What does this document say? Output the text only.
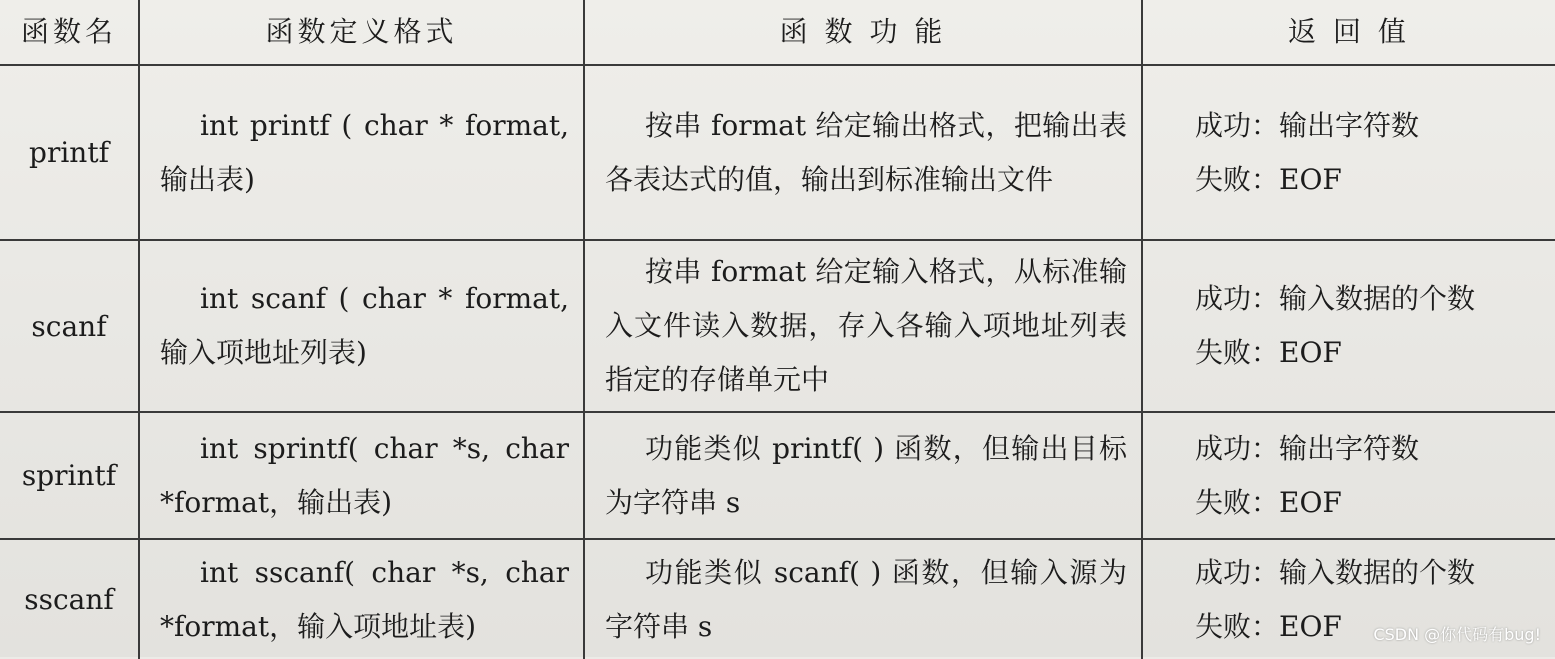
函数名	函数定义格式	函 数 功 能	返 回 值
printf	int printf ( char * format, 输出表)	按串 format 给定输出格式，把输出表各表达式的值，输出到标准输出文件	成功：输出字符数
失败：EOF

scanf	int scanf ( char * format, 输入项地址列表)	按串 format 给定输入格式，从标准输入文件读入数据，存入各输入项地址列表指定的存储单元中	成功：输入数据的个数
失败：EOF

sprintf	int sprintf( char *s, char *format，输出表)	功能类似 printf( ) 函数，但输出目标为字符串 s	成功：输出字符数
失败：EOF

sscanf	int sscanf( char *s, char *format，输入项地址表)	功能类似 scanf( ) 函数，但输入源为字符串 s	成功：输入数据的个数
失败：EOF	CSDN @你代码有bug!
